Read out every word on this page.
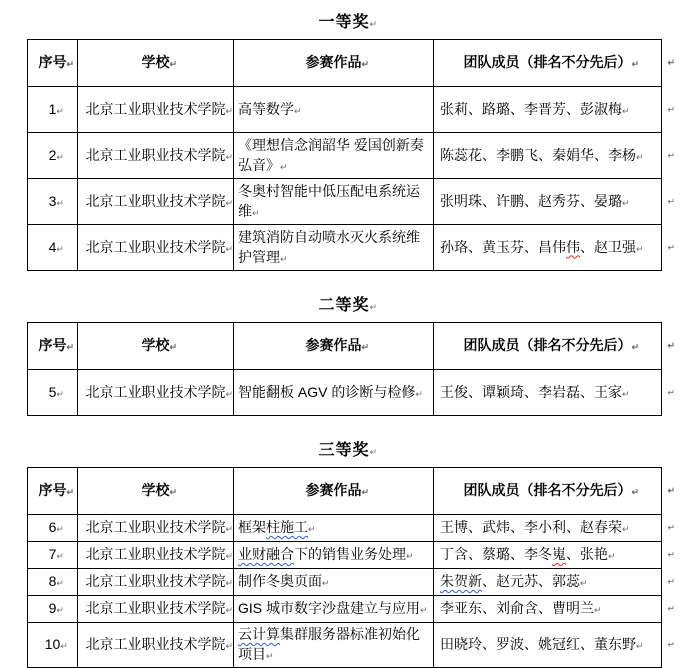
一等奖↵
序号↵	学校↵	参赛作品↵	团队成员（排名不分先后）↵ ↵

1↵	北京工业职业技术学院↵	高等数学↵	张莉、路璐、李晋芳、彭淑梅↵ ↵

2↵	北京工业职业技术学院↵	《理想信念润韶华 爱国创新奏弘音》↵	陈蕊花、李鹏飞、秦娟华、李杨↵ ↵

3↵	北京工业职业技术学院↵	冬奥村智能中低压配电系统运维↵	张明珠、许鹏、赵秀芬、晏璐↵ ↵

4↵	北京工业职业技术学院↵	建筑消防自动喷水灭火系统维护管理↵	孙珞、黄玉芬、昌伟伟、赵卫强↵ ↵
二等奖↵
序号↵	学校↵	参赛作品↵	团队成员（排名不分先后）↵ ↵

5↵	北京工业职业技术学院↵	智能翻板 AGV 的诊断与检修↵	王俊、谭颖琦、李岩磊、王家↵ ↵
三等奖↵
序号↵	学校↵	参赛作品↵	团队成员（排名不分先后）↵ ↵

6↵	北京工业职业技术学院↵	框架柱施工↵	王博、武炜、李小利、赵春荣↵ ↵

7↵	北京工业职业技术学院↵	业财融合下的销售业务处理↵	丁含、蔡璐、李冬嵬、张艳↵ ↵

8↵	北京工业职业技术学院↵	制作冬奥页面↵	朱贺新、赵元苏、郭蕊↵ ↵

9↵	北京工业职业技术学院↵	GIS 城市数字沙盘建立与应用↵	李亚东、刘俞含、曹明兰↵ ↵

10↵	北京工业职业技术学院↵	云计算集群服务器标准初始化项目↵	田晓玲、罗波、姚冠红、董东野↵ ↵
